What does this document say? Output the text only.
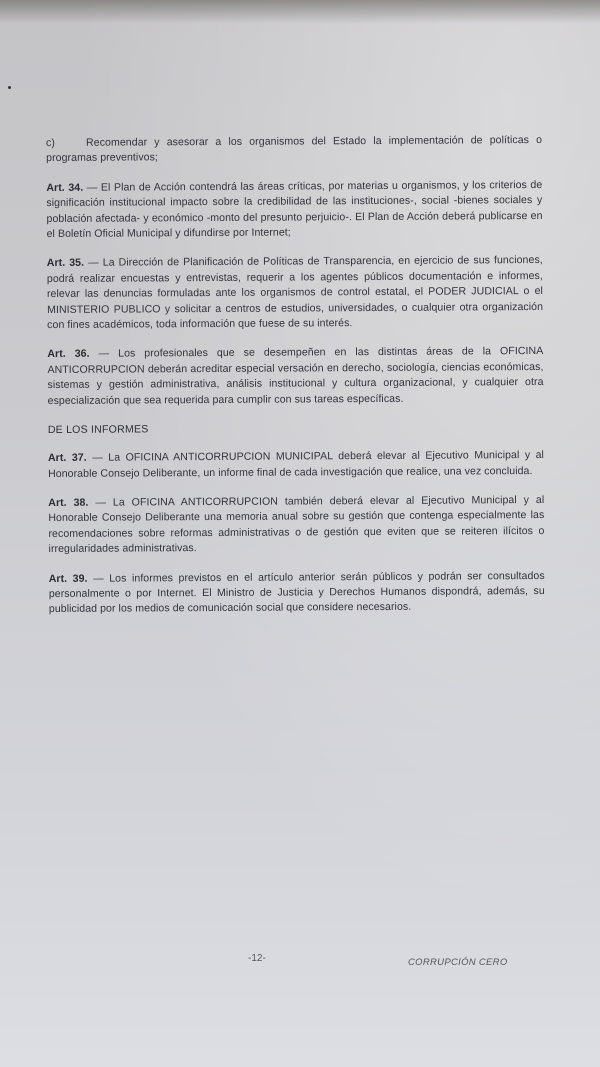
c)	Recomendar y asesorar a los organismos del Estado la implementación de políticas o programas preventivos;

Art. 34. — El Plan de Acción contendrá las áreas críticas, por materias u organismos, y los criterios de significación institucional impacto sobre la credibilidad de las instituciones-, social -bienes sociales y población afectada- y económico -monto del presunto perjuicio-. El Plan de Acción deberá publicarse en el Boletín Oficial Municipal y difundirse por Internet;

Art. 35. — La Dirección de Planificación de Políticas de Transparencia, en ejercicio de sus funciones, podrá realizar encuestas y entrevistas, requerir a los agentes públicos documentación e informes, relevar las denuncias formuladas ante los organismos de control estatal, el PODER JUDICIAL o el MINISTERIO PUBLICO y solicitar a centros de estudios, universidades, o cualquier otra organización con fines académicos, toda información que fuese de su interés.

Art. 36. — Los profesionales que se desempeñen en las distintas áreas de la OFICINA ANTICORRUPCION deberán acreditar especial versación en derecho, sociología, ciencias económicas, sistemas y gestión administrativa, análisis institucional y cultura organizacional, y cualquier otra especialización que sea requerida para cumplir con sus tareas específicas.

DE LOS INFORMES

Art. 37. — La OFICINA ANTICORRUPCION MUNICIPAL deberá elevar al Ejecutivo Municipal y al Honorable Consejo Deliberante, un informe final de cada investigación que realice, una vez concluida.

Art. 38. — La OFICINA ANTICORRUPCION también deberá elevar al Ejecutivo Municipal y al Honorable Consejo Deliberante una memoria anual sobre su gestión que contenga especialmente las recomendaciones sobre reformas administrativas o de gestión que eviten que se reiteren ilícitos o irregularidades administrativas.

Art. 39. — Los informes previstos en el artículo anterior serán públicos y podrán ser consultados personalmente o por Internet. El Ministro de Justicia y Derechos Humanos dispondrá, además, su publicidad por los medios de comunicación social que considere necesarios.

-12-	CORRUPCIÓN CERO
